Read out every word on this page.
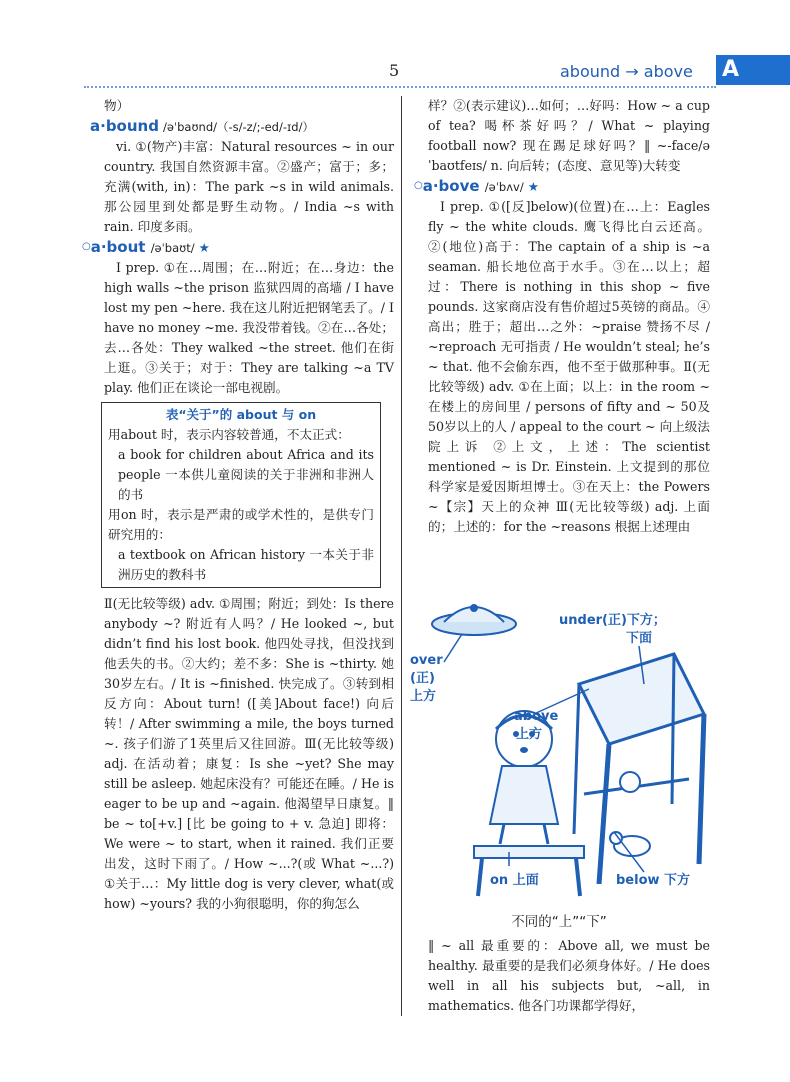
5	abound → above A

物）

a·bound /əˈbaʊnd/（-s/-z/;-ed/-ɪd/）

vi. ①(物产)丰富：Natural resources ~ in our country. 我国自然资源丰富。②盛产；富于；多；充满(with, in)：The park ~s in wild animals. 那公园里到处都是野生动物。/ India ~s with rain. 印度多雨。

○a·bout /əˈbaʊt/ ★

I prep. ①在…周围；在…附近；在…身边：the high walls ~the prison 监狱四周的高墙 / I have lost my pen ~here. 我在这儿附近把钢笔丢了。/ I have no money ~me. 我没带着钱。②在…各处；去…各处：They walked ~the street. 他们在街上逛。③关于；对于：They are talking ~a TV play. 他们正在谈论一部电视剧。

表“关于”的 about 与 on

用about 时，表示内容较普通，不太正式：

a book for children about Africa and its people 一本供儿童阅读的关于非洲和非洲人的书

用on 时，表示是严肃的或学术性的，是供专门研究用的：

a textbook on African history 一本关于非洲历史的教科书

Ⅱ(无比较等级) adv. ①周围；附近；到处：Is there anybody ~? 附近有人吗？/ He looked ~, but didn’t find his lost book. 他四处寻找，但没找到他丢失的书。②大约；差不多：She is ~thirty. 她30岁左右。/ It is ~finished. 快完成了。③转到相反方向：About turn! ([美]About face!) 向后转！/ After swimming a mile, the boys turned ~. 孩子们游了1英里后又往回游。Ⅲ(无比较等级) adj. 在活动着；康复：Is she ~yet? She may still be asleep. 她起床没有？可能还在睡。/ He is eager to be up and ~again. 他渴望早日康复。‖ be ~ to[+v.] [比 be going to + v. 急迫] 即将：We were ~ to start, when it rained. 我们正要出发，这时下雨了。/ How ~...?(或 What ~...?) ①关于…：My little dog is very clever, what(或 how) ~yours? 我的小狗很聪明，你的狗怎么

样？②(表示建议)…如何；…好吗：How ~ a cup of tea? 喝杯茶好吗？/ What ~ playing football now? 现在踢足球好吗？‖ ~-face/əˈbaʊtfeɪs/ n. 向后转；(态度、意见等)大转变

○a·bove /əˈbʌv/ ★

I prep. ①([反]below)(位置)在…上：Eagles fly ~ the white clouds. 鹰飞得比白云还高。②(地位)高于：The captain of a ship is ~a seaman. 船长地位高于水手。③在…以上；超过：There is nothing in this shop ~ five pounds. 这家商店没有售价超过5英镑的商品。④高出；胜于；超出…之外：~praise 赞扬不尽 / ~reproach 无可指责 / He wouldn’t steal; he’s ~ that. 他不会偷东西，他不至于做那种事。Ⅱ(无比较等级) adv. ①在上面；以上：in the room ~在楼上的房间里 / persons of fifty and ~ 50及50岁以上的人 / appeal to the court ~ 向上级法院上诉 ②上文，上述：The scientist mentioned ~ is Dr. Einstein. 上文提到的那位科学家是爱因斯坦博士。③在天上：the Powers ~【宗】天上的众神 Ⅲ(无比较等级) adj. 上面的；上述的：for the ~reasons 根据上述理由

under(正)下方；
下面
over
(正)
上方
above
上方
on 上面	below 下方
不同的“上”“下”

‖ ~ all 最重要的：Above all, we must be healthy. 最重要的是我们必须身体好。/ He does well in all his subjects but, ~all, in mathematics. 他各门功课都学得好，
